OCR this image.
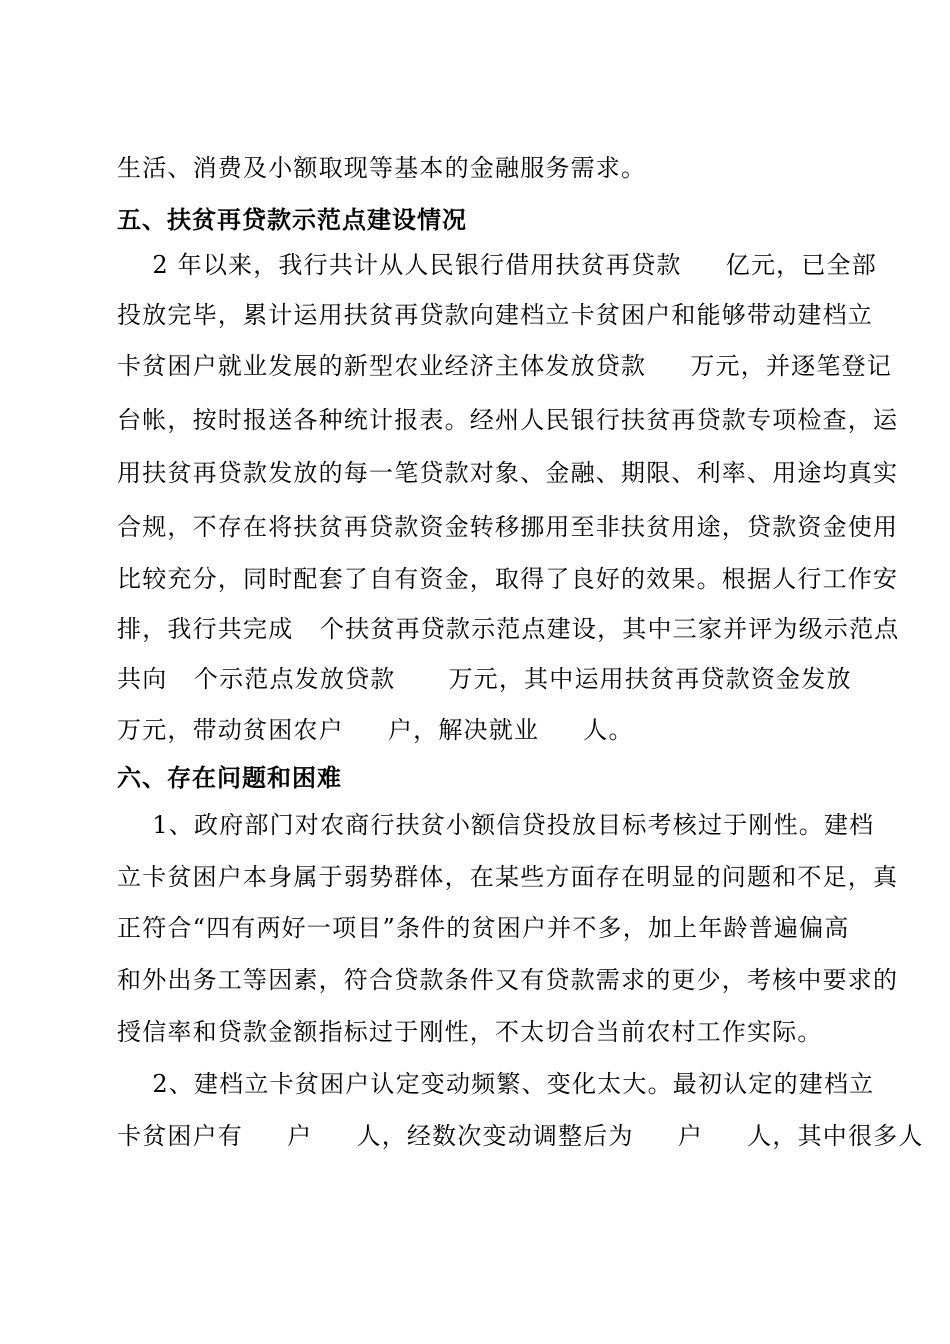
生活、消费及小额取现等基本的金融服务需求。
五、扶贫再贷款示范点建设情况
2 年以来，我行共计从人民银行借用扶贫再贷款     亿元，已全部
投放完毕，累计运用扶贫再贷款向建档立卡贫困户和能够带动建档立
卡贫困户就业发展的新型农业经济主体发放贷款     万元，并逐笔登记
台帐，按时报送各种统计报表。经州人民银行扶贫再贷款专项检查，运
用扶贫再贷款发放的每一笔贷款对象、金融、期限、利率、用途均真实
合规，不存在将扶贫再贷款资金转移挪用至非扶贫用途，贷款资金使用
比较充分，同时配套了自有资金，取得了良好的效果。根据人行工作安
排，我行共完成   个扶贫再贷款示范点建设，其中三家并评为级示范点
共向   个示范点发放贷款      万元，其中运用扶贫再贷款资金发放
万元，带动贫困农户     户，解决就业     人。
六、存在问题和困难
1、政府部门对农商行扶贫小额信贷投放目标考核过于刚性。建档
立卡贫困户本身属于弱势群体，在某些方面存在明显的问题和不足，真
正符合“四有两好一项目”条件的贫困户并不多，加上年龄普遍偏高
和外出务工等因素，符合贷款条件又有贷款需求的更少，考核中要求的
授信率和贷款金额指标过于刚性，不太切合当前农村工作实际。
2、建档立卡贫困户认定变动频繁、变化太大。最初认定的建档立
卡贫困户有     户     人，经数次变动调整后为     户     人，其中很多人
